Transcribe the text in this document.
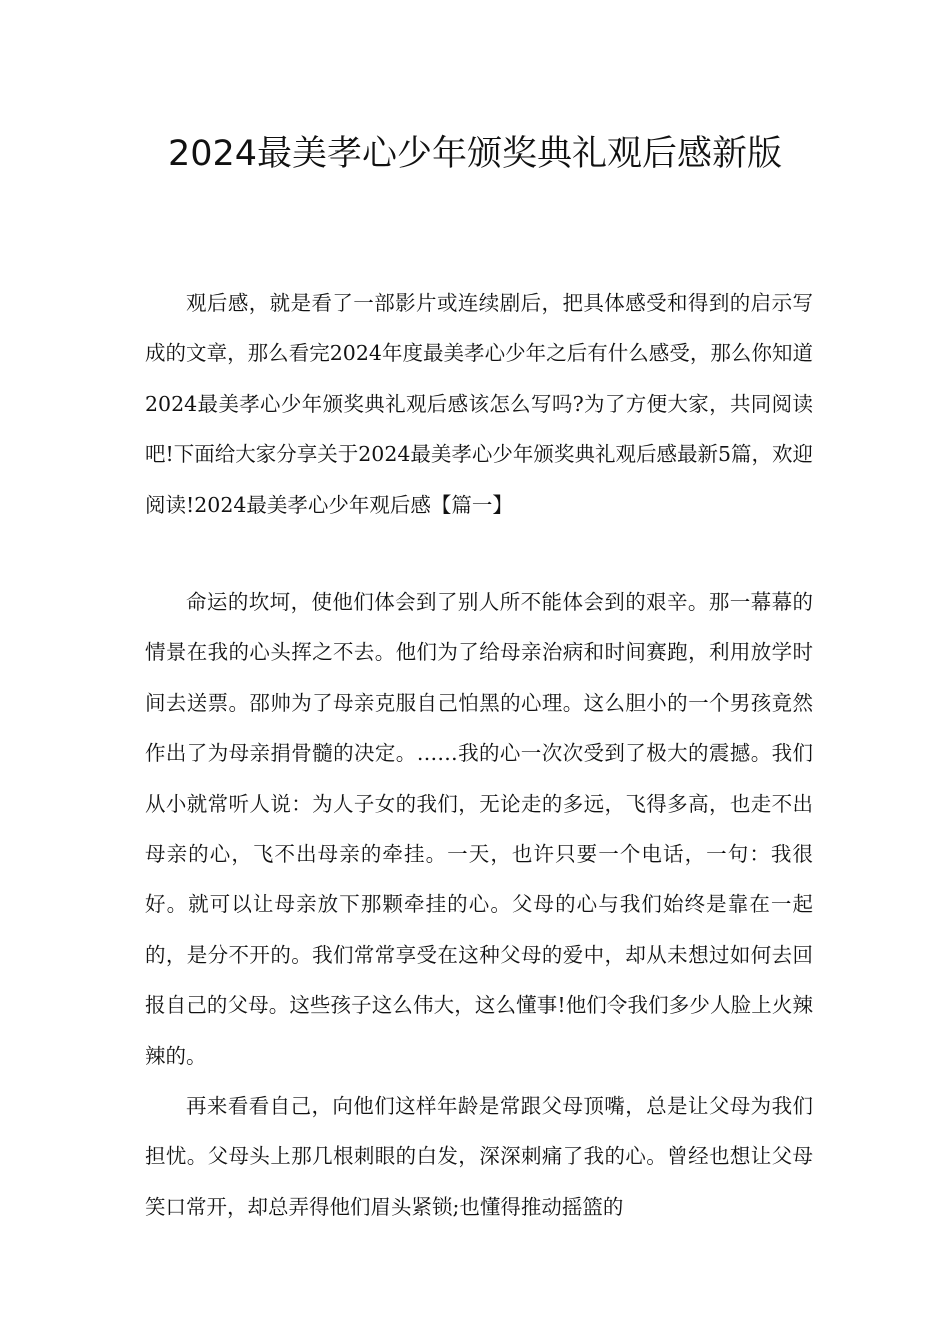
2024最美孝心少年颁奖典礼观后感新版

观后感，就是看了一部影片或连续剧后，把具体感受和得到的启示写成的文章，那么看完2024年度最美孝心少年之后有什么感受，那么你知道2024最美孝心少年颁奖典礼观后感该怎么写吗?为了方便大家，共同阅读吧!下面给大家分享关于2024最美孝心少年颁奖典礼观后感最新5篇，欢迎阅读!2024最美孝心少年观后感【篇一】

命运的坎坷，使他们体会到了别人所不能体会到的艰辛。那一幕幕的情景在我的心头挥之不去。他们为了给母亲治病和时间赛跑，利用放学时间去送票。邵帅为了母亲克服自己怕黑的心理。这么胆小的一个男孩竟然作出了为母亲捐骨髓的决定。……我的心一次次受到了极大的震撼。我们从小就常听人说：为人子女的我们，无论走的多远，飞得多高，也走不出母亲的心，飞不出母亲的牵挂。一天，也许只要一个电话，一句：我很好。就可以让母亲放下那颗牵挂的心。父母的心与我们始终是靠在一起的，是分不开的。我们常常享受在这种父母的爱中，却从未想过如何去回报自己的父母。这些孩子这么伟大，这么懂事!他们令我们多少人脸上火辣辣的。

再来看看自己，向他们这样年龄是常跟父母顶嘴，总是让父母为我们担忧。父母头上那几根刺眼的白发，深深刺痛了我的心。曾经也想让父母笑口常开，却总弄得他们眉头紧锁;也懂得推动摇篮的
